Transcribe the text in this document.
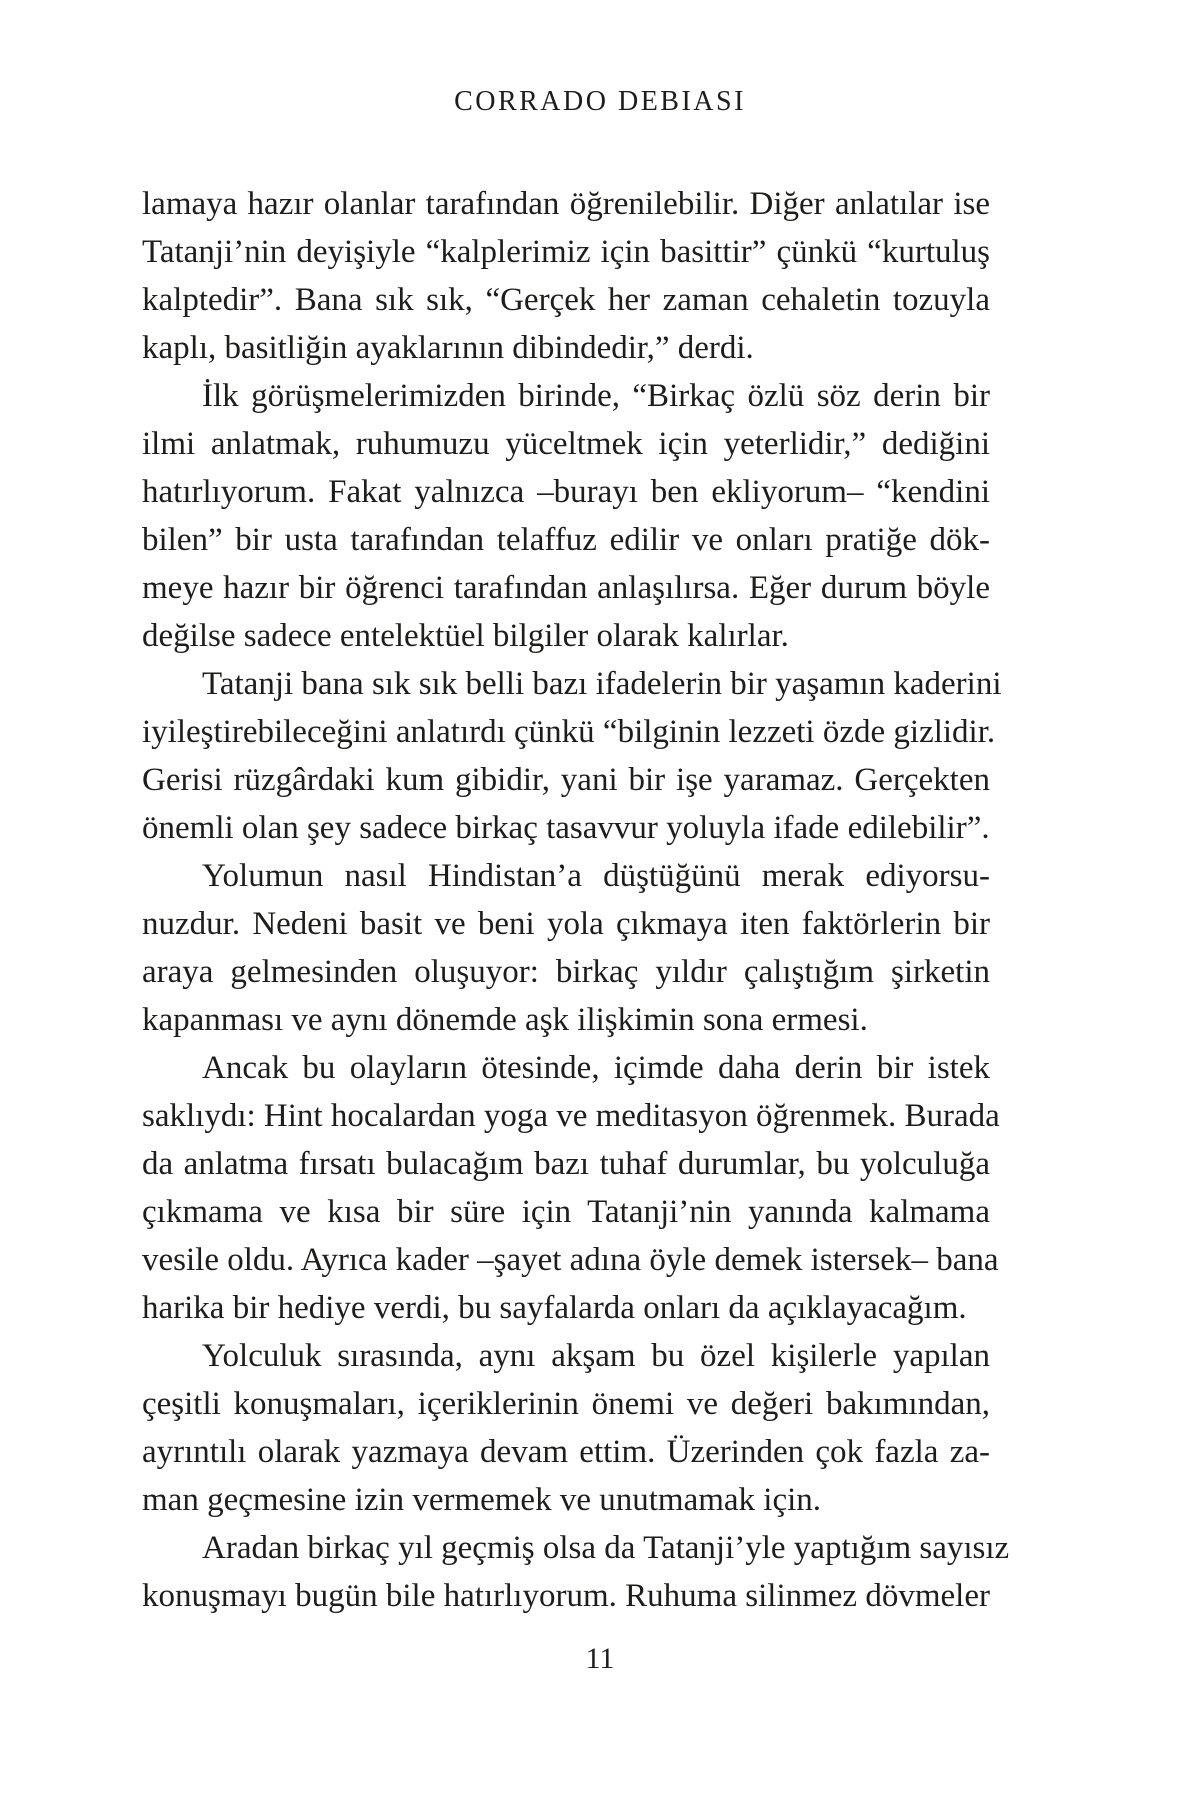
CORRADO DEBIASI
lamaya hazır olanlar tarafından öğrenilebilir. Diğer anlatılar ise
Tatanji’nin deyişiyle “kalplerimiz için basittir” çünkü “kurtuluş
kalptedir”. Bana sık sık, “Gerçek her zaman cehaletin tozuyla
kaplı, basitliğin ayaklarının dibindedir,” derdi.
İlk görüşmelerimizden birinde, “Birkaç özlü söz derin bir
ilmi anlatmak, ruhumuzu yüceltmek için yeterlidir,” dediğini
hatırlıyorum. Fakat yalnızca –burayı ben ekliyorum– “kendini
bilen” bir usta tarafından telaffuz edilir ve onları pratiğe dök-
meye hazır bir öğrenci tarafından anlaşılırsa. Eğer durum böyle
değilse sadece entelektüel bilgiler olarak kalırlar.
Tatanji bana sık sık belli bazı ifadelerin bir yaşamın kaderini
iyileştirebileceğini anlatırdı çünkü “bilginin lezzeti özde gizlidir.
Gerisi rüzgârdaki kum gibidir, yani bir işe yaramaz. Gerçekten
önemli olan şey sadece birkaç tasavvur yoluyla ifade edilebilir”.
Yolumun nasıl Hindistan’a düştüğünü merak ediyorsu-
nuzdur. Nedeni basit ve beni yola çıkmaya iten faktörlerin bir
araya gelmesinden oluşuyor: birkaç yıldır çalıştığım şirketin
kapanması ve aynı dönemde aşk ilişkimin sona ermesi.
Ancak bu olayların ötesinde, içimde daha derin bir istek
saklıydı: Hint hocalardan yoga ve meditasyon öğrenmek. Burada
da anlatma fırsatı bulacağım bazı tuhaf durumlar, bu yolculuğa
çıkmama ve kısa bir süre için Tatanji’nin yanında kalmama
vesile oldu. Ayrıca kader –şayet adına öyle demek istersek– bana
harika bir hediye verdi, bu sayfalarda onları da açıklayacağım.
Yolculuk sırasında, aynı akşam bu özel kişilerle yapılan
çeşitli konuşmaları, içeriklerinin önemi ve değeri bakımından,
ayrıntılı olarak yazmaya devam ettim. Üzerinden çok fazla za-
man geçmesine izin vermemek ve unutmamak için.
Aradan birkaç yıl geçmiş olsa da Tatanji’yle yaptığım sayısız
konuşmayı bugün bile hatırlıyorum. Ruhuma silinmez dövmeler
11
